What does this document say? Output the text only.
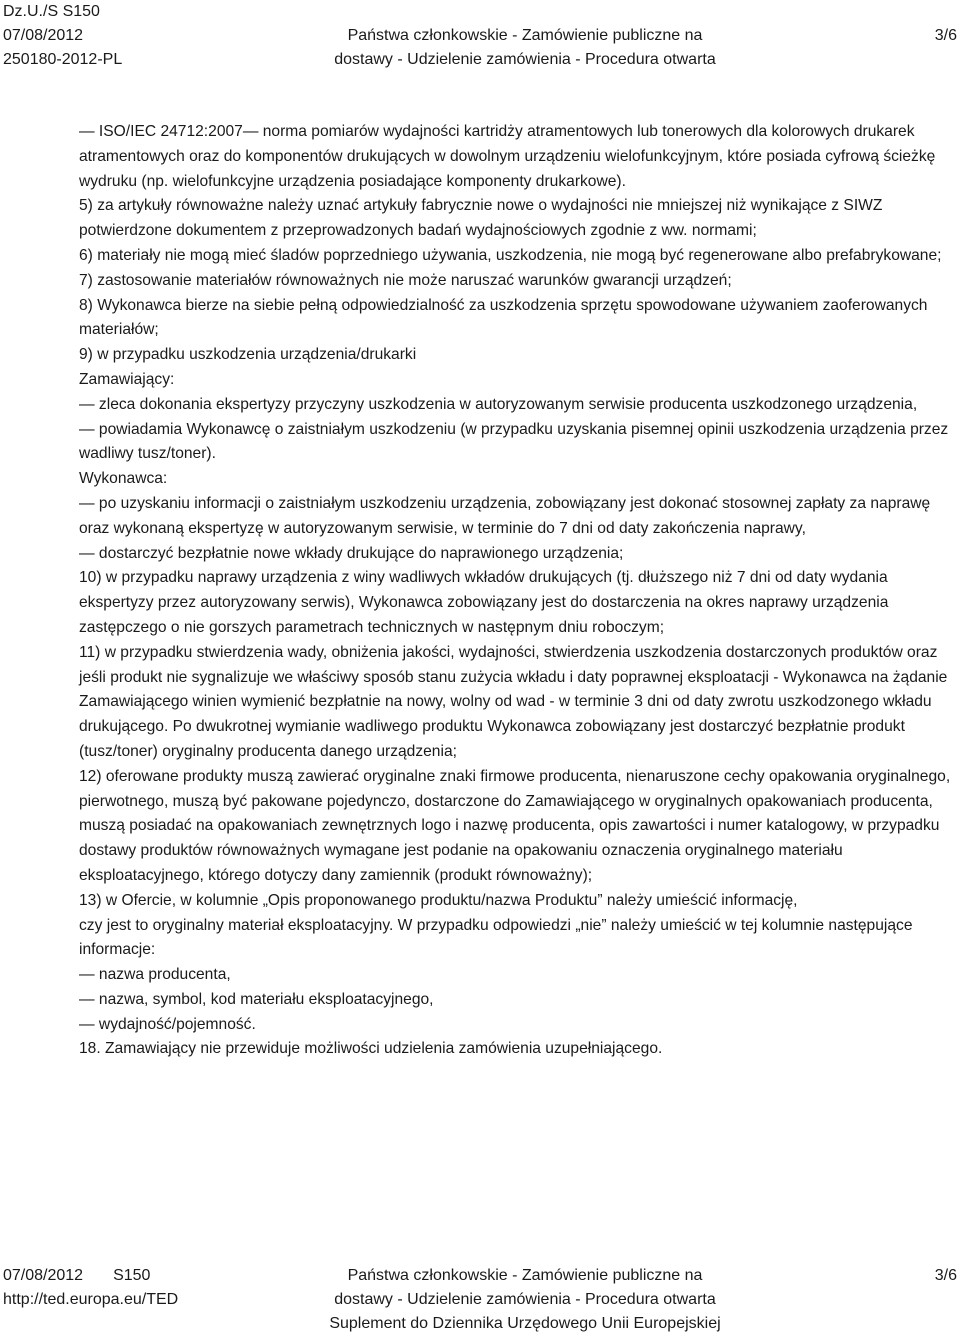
Dz.U./S S150
07/08/2012
250180-2012-PL
Państwa członkowskie - Zamówienie publiczne na
dostawy - Udzielenie zamówienia - Procedura otwarta
3/6

— ISO/IEC 24712:2007— norma pomiarów wydajności kartridży atramentowych lub tonerowych dla kolorowych drukarek atramentowych oraz do komponentów drukujących w dowolnym urządzeniu wielofunkcyjnym, które posiada cyfrową ścieżkę wydruku (np. wielofunkcyjne urządzenia posiadające komponenty drukarkowe).

5) za artykuły równoważne należy uznać artykuły fabrycznie nowe o wydajności nie mniejszej niż wynikające z SIWZ potwierdzone dokumentem z przeprowadzonych badań wydajnościowych zgodnie z ww. normami;

6) materiały nie mogą mieć śladów poprzedniego używania, uszkodzenia, nie mogą być regenerowane albo prefabrykowane;

7) zastosowanie materiałów równoważnych nie może naruszać warunków gwarancji urządzeń;

8) Wykonawca bierze na siebie pełną odpowiedzialność za uszkodzenia sprzętu spowodowane używaniem zaoferowanych materiałów;

9) w przypadku uszkodzenia urządzenia/drukarki

Zamawiający:

— zleca dokonania ekspertyzy przyczyny uszkodzenia w autoryzowanym serwisie producenta uszkodzonego urządzenia,

— powiadamia Wykonawcę o zaistniałym uszkodzeniu (w przypadku uzyskania pisemnej opinii uszkodzenia urządzenia przez wadliwy tusz/toner).

Wykonawca:

— po uzyskaniu informacji o zaistniałym uszkodzeniu urządzenia, zobowiązany jest dokonać stosownej zapłaty za naprawę oraz wykonaną ekspertyzę w autoryzowanym serwisie, w terminie do 7 dni od daty zakończenia naprawy,

— dostarczyć bezpłatnie nowe wkłady drukujące do naprawionego urządzenia;

10) w przypadku naprawy urządzenia z winy wadliwych wkładów drukujących (tj. dłuższego niż 7 dni od daty wydania ekspertyzy przez autoryzowany serwis), Wykonawca zobowiązany jest do dostarczenia na okres naprawy urządzenia zastępczego o nie gorszych parametrach technicznych w następnym dniu roboczym;

11) w przypadku stwierdzenia wady, obniżenia jakości, wydajności, stwierdzenia uszkodzenia dostarczonych produktów oraz jeśli produkt nie sygnalizuje we właściwy sposób stanu zużycia wkładu i daty poprawnej eksploatacji - Wykonawca na żądanie Zamawiającego winien wymienić bezpłatnie na nowy, wolny od wad - w terminie 3 dni od daty zwrotu uszkodzonego wkładu drukującego. Po dwukrotnej wymianie wadliwego produktu Wykonawca zobowiązany jest dostarczyć bezpłatnie produkt (tusz/toner) oryginalny producenta danego urządzenia;

12) oferowane produkty muszą zawierać oryginalne znaki firmowe producenta, nienaruszone cechy opakowania oryginalnego, pierwotnego, muszą być pakowane pojedynczo, dostarczone do Zamawiającego w oryginalnych opakowaniach producenta, muszą posiadać na opakowaniach zewnętrznych logo i nazwę producenta, opis zawartości i numer katalogowy, w przypadku dostawy produktów równoważnych wymagane jest podanie na opakowaniu oznaczenia oryginalnego materiału eksploatacyjnego, którego dotyczy dany zamiennik (produkt równoważny);

13) w Ofercie, w kolumnie „Opis proponowanego produktu/nazwa Produktu” należy umieścić informację,

czy jest to oryginalny materiał eksploatacyjny. W przypadku odpowiedzi „nie” należy umieścić w tej kolumnie następujące informacje:

— nazwa producenta,

— nazwa, symbol, kod materiału eksploatacyjnego,

— wydajność/pojemność.

18. Zamawiający nie przewiduje możliwości udzielenia zamówienia uzupełniającego.

07/08/2012 S150
http://ted.europa.eu/TED
Państwa członkowskie - Zamówienie publiczne na
dostawy - Udzielenie zamówienia - Procedura otwarta
Suplement do Dziennika Urzędowego Unii Europejskiej
3/6
